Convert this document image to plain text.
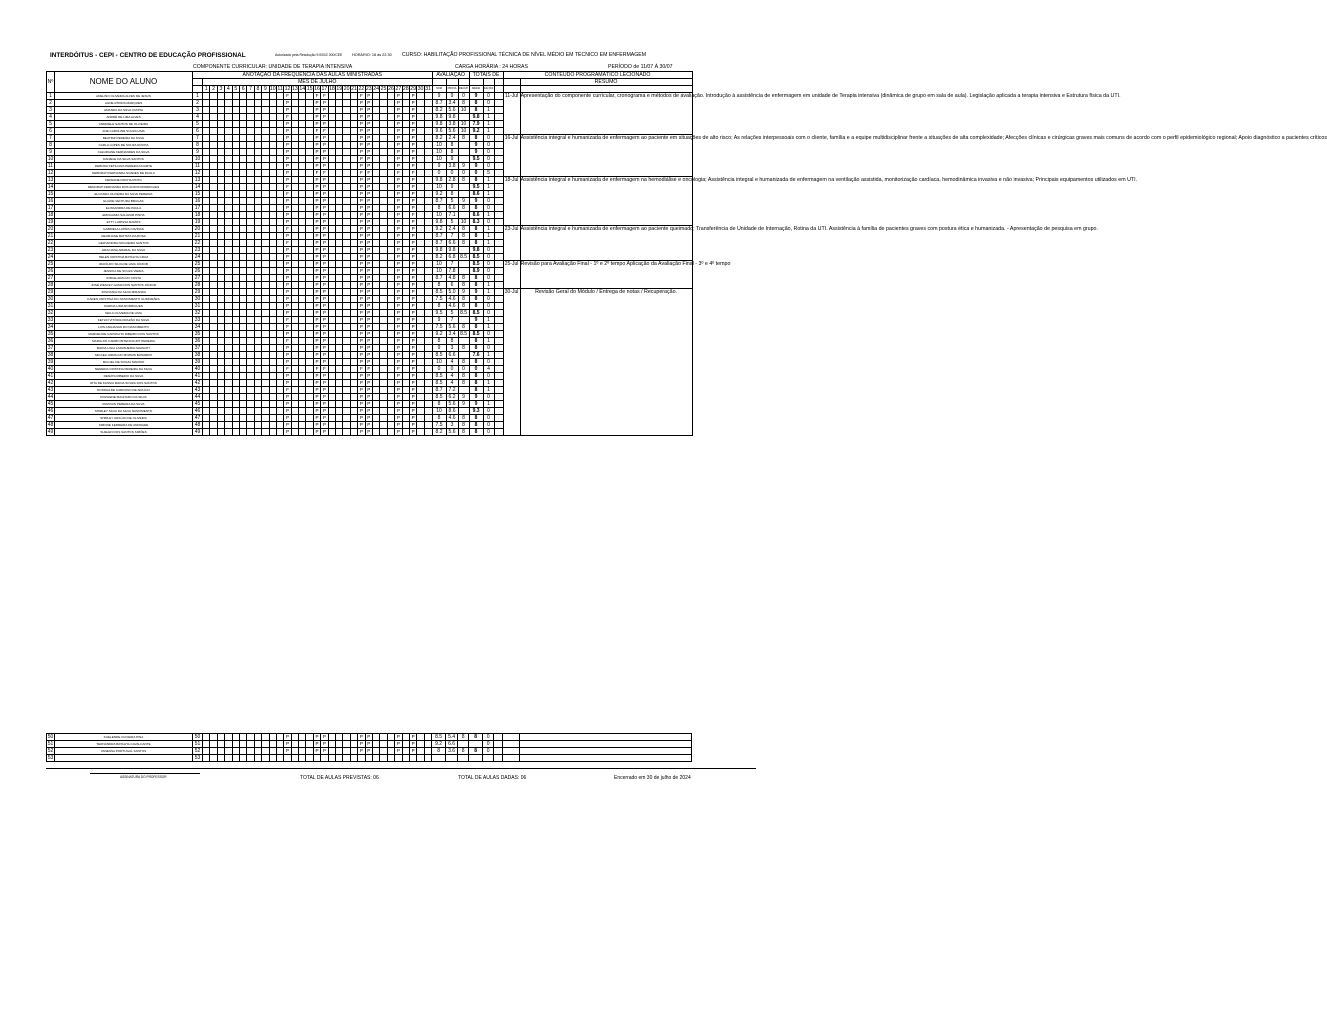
INTERDÓITUS - CEPI - CENTRO DE EDUCAÇÃO PROFISSIONAL	Autorizado pela Resolução 9.000/2 000/CEE	HORÁRIO: 18 às 22:30 CURSO: HABILITAÇÃO PROFISSIONAL TÉCNICA DE NÍVEL MÉDIO EM TÉCNICO EM ENFERMAGEM
COMPONENTE CURRICULAR: UNIDADE DE TERAPIA INTENSIVA	CARGA HORÁRIA : 24 HORAS	PERÍODO de 11/07 À 30/07
Nº	NOME DO ALUNO	ANOTAÇÃO DA FREQUÊNCIA DAS AULAS MINISTRADAS																																AVALIAÇÃO			TOTAIS DE			CONTEÚDO PROGRAMÁTICO LECIONADO	
			MÊS DE JULHO																																						RESUMO
			1	2	3	4	5	6	7	8	9	10	11	12	13	14	15	16	17	18	19	20	21	22	23	24	25	26	27	28	29	30	31	SOM	PROVA	RECUP	MÉDIA	FALTAS			
1	ADELINO OLIVEIRA ALVES DE JESUS	1												F				F	F					F	P				P		P			9	9	0	9	0		11-Jul	Apresentação do componente curricular, cronograma e métodos de avaliação. Introdução à assistência de enfermagem em unidade de Terapia intensiva (dinâmica de grupo em sala de aula). Legislação aplicada a terapia intensiva e Estrutura física da UTI.
2	AGNE RHODS MARQUES	2												P				P	P					P	P				P		P			8.7	3.4	8	8	0			
3	AMANDA DA SILVA CUNHA	3												P				P	P					P	P				P		P			8.2	5.6	10	8	1			
4	ANDRÉ DE LIMA ALVES	4												F				P	P					P	P				P		P			9.8	9.8		9.8	1			
5	ANDRIELE SANTOS DE OLIVEIRA	5												P				P	P					P	P				P		P			9.8	3.8	10	7.9	1			
6	ANE CAROLINE SOUZA LIMA	6												P				F	F					P	P				P		P			9.6	5.6	10	9.2	1			
7	BEATRIZ PEREIRA DA SILVA	7												P				P	P					P	P				P		P			8.2	2.4	8	8	0		16-Jul	Assistência integral e humanizada de enfermagem ao paciente em situações de alto risco; As relações interpessoais com o cliente, família e a equipe multidisciplinar frente a situações de alta complexidade; Afecções clínicas e cirúrgicas graves mais comuns de acordo com o perfil epidemiológico regional; Apoio diagnóstico a pacientes críticos
8	CARLA LOPES DE SOUZA ROCHA	8												P				P	P					P	P				P		P			10	8		9	0			
9	CLEUDIANE FERNANDES DA SILVA	9												P				P	P					P	P				P		P			10	8		9	0			
10	DANIELE DA SILVA SANTOS	10												P				P	P					P	P				P		P			10	9		9.5	0			
11	DEBORA PETILIANA PEREIRA DUARTE	11												P				P	P					P	P				P		P			9	3.8	9	9	0			
12	DEBORAH FERNANDA SOARES DE PAULA	12												P				F	F					F	F				F		F			0	0	0	0	5			
13	DEISIANE ROCHA PINTO	13												P				P	P					P	P				P		P			9.8	2.8	8	8	1		18-Jul	Assistência integral e humanizada de enfermagem na hemodiálise e oncologia; Assistência integral e humanizada de enfermagem na ventilação assistida, monitorização cardíaca, hemodinâmica invasiva e não invasiva; Principais equipamentos utilizados em UTI.
14	DENORAH FERNANDA DOS ANJOS RODRIGUES	14												F				P	P					P	P				P		P			10	9		9.5	1			
15	ELOANDA OLIVEIRA DA SILVA PEREIRA	15												F				P	P					P	P				P		P			9.2	8		8.6	1			
16	ELIANE VENTURA BRAGAS	16												P				P	P					P	P				P		P			8.7	5	9	9	0			
17	ELISSANDRA DE PAULA	17												P				P	P					P	P				P		P			8	6.6	8	8	0			
18	EMOGAMIA SALAZAR PINHA	18												P				P	P					P	P				P		F			10	7.1		8.6	1			
19	ETTY LARISSA RAMOS	19												P				P	P					P	P				P		P			9.8	5	10	8.3	0			
20	GABRIELA LOPES CAVIDAS	20												F				P	P					P	P				P		P			9.2	2.4	8	8	1		23-Jul	Assistência integral e humanizada de enfermagem ao paciente queimado; Transferência de Unidade de Internação, Rotina da UTI. Assistência à família de pacientes graves com postura ética e humanizada. - Apresentação de pesquisa em grupo.
21	GEORJANE BATISTA DA ROSA	21												P				P	P					P	P				P		P			8.7	7	8	8	1			
22	GEOVANDRA NOGUEIRA SANTOS	22												F				P	P					P	P				P		P			8.7	6.6	8	8	1			
23	GRACIANA AMARAL DA SILVA	23												P				P	P					P	P				P		P			9.8	9.8		9.8	0			
24	HELEN CRISTINA BATALHA CRUZ	24												P				P	P					P	P				P		P			8.2	6.8	8.5	8.5	0			
25	IRACILDO SILVA DE LIMA JÚNIOR	25												P				P	P					P	P				P		P			10	7		8.5	0		25-Jul	Revisão para Avaliação Final - 1º e 2º tempo Aplicação da Avaliação Final - 3º e 4º tempo
26	JESSICA DE SOUZA VIEIRA	26												P				P	P					P	P				P		P			10	7.8		8.9	0			
27	JORGE ARAÚJO COSTA	27												P				P	P					P	P				P		P			8.7	4.8	8	8	0			
28	JOSÉ WESLEY GAMA DOS SANTOS JÚNIOR	28												P				P	P					P	P				P		P			8	6	8	8	1			
29	JOSIVANIA DA SILVA MIRANDA	29												P				P	P					P	P				P		P			8.5	5.0	9	9	1		30-Jul	Revisão Geral do Módulo / Entrega de notas / Recuperação.
30	KAREN CRISTINA DO NASCIMENTO GUIMARÃES	30												P				P	P					P	P				P		P			7.5	4.6	8	8	0			
31	KARINA LIMA RODRIGUES	31												P				P	P					P	P				P		P			8	4.6	8	8	0			
32	KEILA OLIVEIRA DE LIMA	32												P				P	P					P	P				P		P			9.5	5	8.5	8.5	0			
33	KETLIN VITÓRIA FRAZÃO DA SILVA	33												F				P	P					P	P				P		P			9	7		9	1			
34	LUIS ANAJANAS DO NASCIMENTO	34												F				P	P					P	P				P		P			7.5	5.6	8	8	1			
35	MARCELIDE CARVALHO RIBEIRO DOS SANTOS	35												P				P	P					P	P				P		P			9.2	3.4	8.5	8.5	0			
36	MARIA DO CARMO BITENCOURT PEREIRA	36												F				P	P					P	P				P		P			8	8		8	1			
37	MARIA LIGIA LARANJEIRA NAVAGHY	37												P				P	P					P	P				P		P			9	3	8	8	0			
38	MICAELI ARRAUJO MORAIS BUSARRO	38												P				P	P					P	P				P		P			8.5	6.6		7.6	1			
39	MIGUEL DE SOUZA MARINO	39												P				P	P					P	P				P		P			10	4	8	8	0			
40	NEREIDA CRISTINA PEREIRA DA SILVA	40												F				F	F					F	F				F		P			0	0	0	0	4			
41	RENATA RIBEIRO DA SILVA	41												P				P	P					P	P				P		P			8.5	4	8	8	0			
42	RITA DE KASSIA MAINA SOUZA DOS SANTOS	42												P				P	P					P	P				P		P			8.5	4	8	8	1			
43	ROSINALDE CARDOSO DE ARAÚJO	43												F				P	P					P	P				P		P			8.7	7.2		8	1			
44	ROZILENE MACHADO DA SILVA	44												P				P	P					P	P				P		P			8.5	6.2	9	9	0			
45	ROZIVAN PEREIRA DA SILVA	45												P				P	P					P	P				P		P			8	5.6	9	9	1			
46	SHIRLEY SILVA DA SILVA NASCIMENTO	46												P				P	P					P	P				P		P			10	8.6		9.3	0			
47	SHIRLEY ARAÚJO DE OLIVEIRA	47												P				P	P					P	P				P		P			8	4.6	8	8	0			
48	SIMONE FERREIRA DE ANDRADE	48												P				P	P					P	P				P		P			7.5	3	8	8	0			
49	SUELEN DOS SANTOS SIMÕES	49												P				P	P					P	P				P		P			8.2	5.6	8	8	0			
50	SUELENDE OLIVEIRA PINA	50												P				P	P					P	P				P		P			8.5	5.4	8	8	0			
51	TERNANDRA BATALHA CAVALCANTE	51												P				P	P					P	P				P		P			9.2	6.6			0			
52	VANESSA PORTUGAL SANTOS	52												P				P	P					P	P				P		P			8	3.6	8	8	0			
53		53																																							
ASSINATURA DO PROFESSOR	TOTAL DE AULAS PREVISTAS: 06	TOTAL DE AULAS DADAS: 06	Encerrado em 30 de julho de 2024
